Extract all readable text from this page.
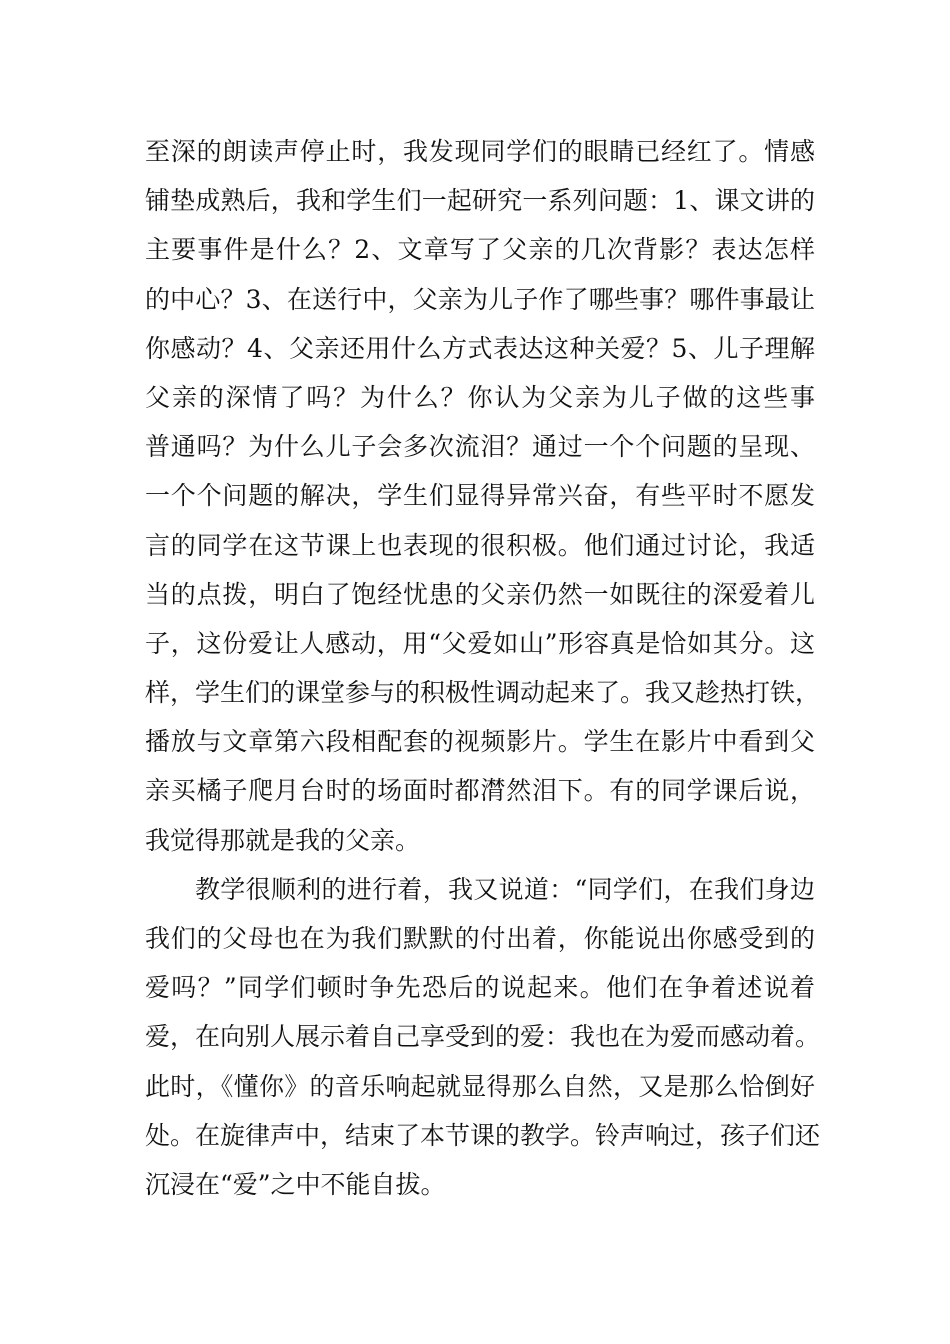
至深的朗读声停止时，我发现同学们的眼睛已经红了。情感
铺垫成熟后，我和学生们一起研究一系列问题：1、课文讲的
主要事件是什么？2、文章写了父亲的几次背影？表达怎样
的中心？3、在送行中，父亲为儿子作了哪些事？哪件事最让
你感动？4、父亲还用什么方式表达这种关爱？5、儿子理解
父亲的深情了吗？为什么？你认为父亲为儿子做的这些事
普通吗？为什么儿子会多次流泪？通过一个个问题的呈现、
一个个问题的解决，学生们显得异常兴奋，有些平时不愿发
言的同学在这节课上也表现的很积极。他们通过讨论，我适
当的点拨，明白了饱经忧患的父亲仍然一如既往的深爱着儿
子，这份爱让人感动，用“父爱如山”形容真是恰如其分。这
样，学生们的课堂参与的积极性调动起来了。我又趁热打铁，
播放与文章第六段相配套的视频影片。学生在影片中看到父
亲买橘子爬月台时的场面时都潸然泪下。有的同学课后说，
我觉得那就是我的父亲。
教学很顺利的进行着，我又说道：“同学们，在我们身边
我们的父母也在为我们默默的付出着，你能说出你感受到的
爱吗？”同学们顿时争先恐后的说起来。他们在争着述说着
爱，在向别人展示着自己享受到的爱：我也在为爱而感动着。
此时，《懂你》的音乐响起就显得那么自然，又是那么恰倒好
处。在旋律声中，结束了本节课的教学。铃声响过，孩子们还
沉浸在“爱”之中不能自拔。
